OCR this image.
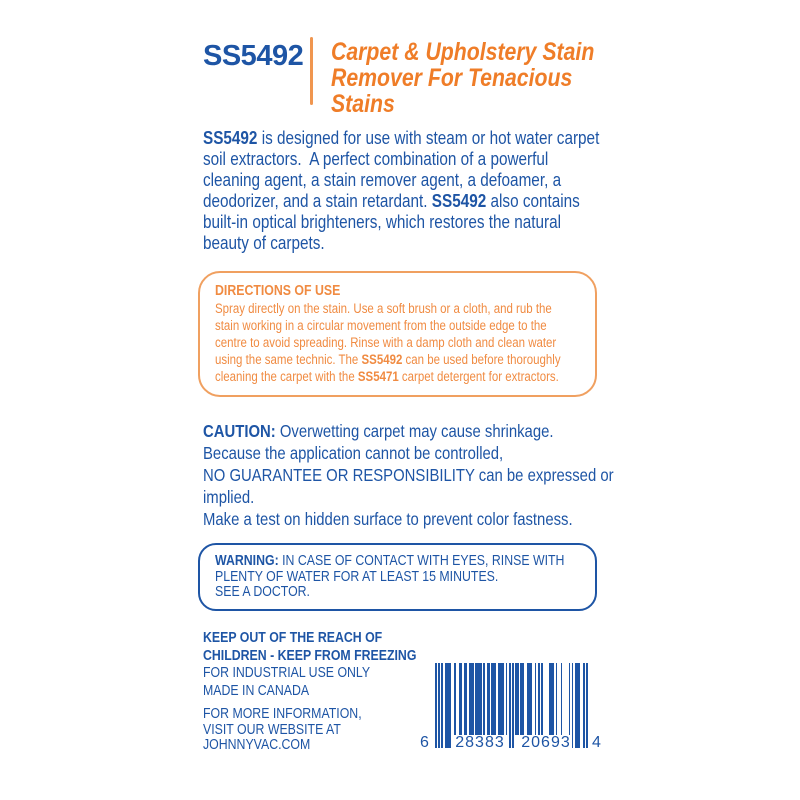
SS5492 Carpet & Upholstery Stain
Remover For Tenacious
Stains
SS5492 is designed for use with steam or hot water carpet
soil extractors.  A perfect combination of a powerful
cleaning agent, a stain remover agent, a defoamer, a
deodorizer, and a stain retardant. SS5492 also contains
built-in optical brighteners, which restores the natural
beauty of carpets.
DIRECTIONS OF USE
Spray directly on the stain. Use a soft brush or a cloth, and rub the
stain working in a circular movement from the outside edge to the
centre to avoid spreading. Rinse with a damp cloth and clean water
using the same technic. The SS5492 can be used before thoroughly
cleaning the carpet with the SS5471 carpet detergent for extractors.
CAUTION: Overwetting carpet may cause shrinkage.
Because the application cannot be controlled,
NO GUARANTEE OR RESPONSIBILITY can be expressed or
implied.
Make a test on hidden surface to prevent color fastness.
WARNING: IN CASE OF CONTACT WITH EYES, RINSE WITH
PLENTY OF WATER FOR AT LEAST 15 MINUTES.
SEE A DOCTOR.
KEEP OUT OF THE REACH OF
CHILDREN - KEEP FROM FREEZING
FOR INDUSTRIAL USE ONLY
MADE IN CANADA
FOR MORE INFORMATION,
VISIT OUR WEBSITE AT
JOHNNYVAC.COM	6	28383	20693	4
